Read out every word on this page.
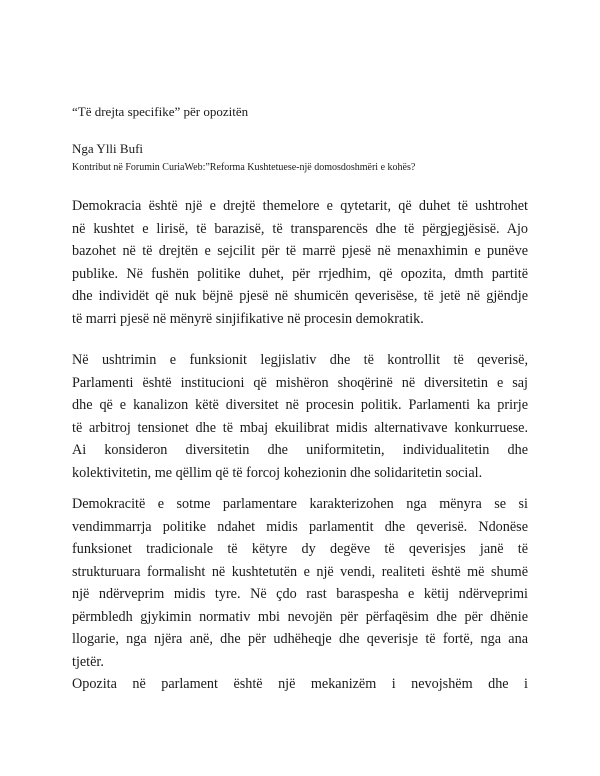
“Të drejta specifike” për opozitën
Nga Ylli Bufi
Kontribut në Forumin CuriaWeb:”Reforma Kushtetuese-një domosdoshmëri e kohës?
Demokracia është një e drejtë themelore e qytetarit, që duhet të ushtrohet
në kushtet e lirisë, të barazisë, të transparencës dhe të përgjegjësisë. Ajo
bazohet në të drejtën e sejcilit për të marrë pjesë në menaxhimin e punëve
publike. Në fushën politike duhet, për rrjedhim, që opozita, dmth partitë
dhe individët që nuk bëjnë pjesë në shumicën qeverisëse, të jetë në gjëndje
të marri pjesë në mënyrë sinjifikative në procesin demokratik.
Në ushtrimin e funksionit legjislativ dhe të kontrollit të qeverisë,
Parlamenti është institucioni që mishëron shoqërinë në diversitetin e saj
dhe që e kanalizon këtë diversitet në procesin politik. Parlamenti ka prirje
të arbitroj tensionet dhe të mbaj ekuilibrat midis alternativave konkurruese.
Ai konsideron diversitetin dhe uniformitetin, individualitetin dhe
kolektivitetin, me qëllim që të forcoj kohezionin dhe solidaritetin social.
Demokracitë e sotme parlamentare karakterizohen nga mënyra se si
vendimmarrja politike ndahet midis parlamentit dhe qeverisë. Ndonëse
funksionet tradicionale të këtyre dy degëve të qeverisjes janë të
strukturuara formalisht në kushtetutën e një vendi, realiteti është më shumë
një ndërveprim midis tyre. Në çdo rast baraspesha e këtij ndërveprimi
përmbledh gjykimin normativ mbi nevojën për përfaqësim dhe për dhënie
llogarie, nga njëra anë, dhe për udhëheqje dhe qeverisje të fortë, nga ana
tjetër.
Opozita në parlament është një mekanizëm i nevojshëm dhe i
